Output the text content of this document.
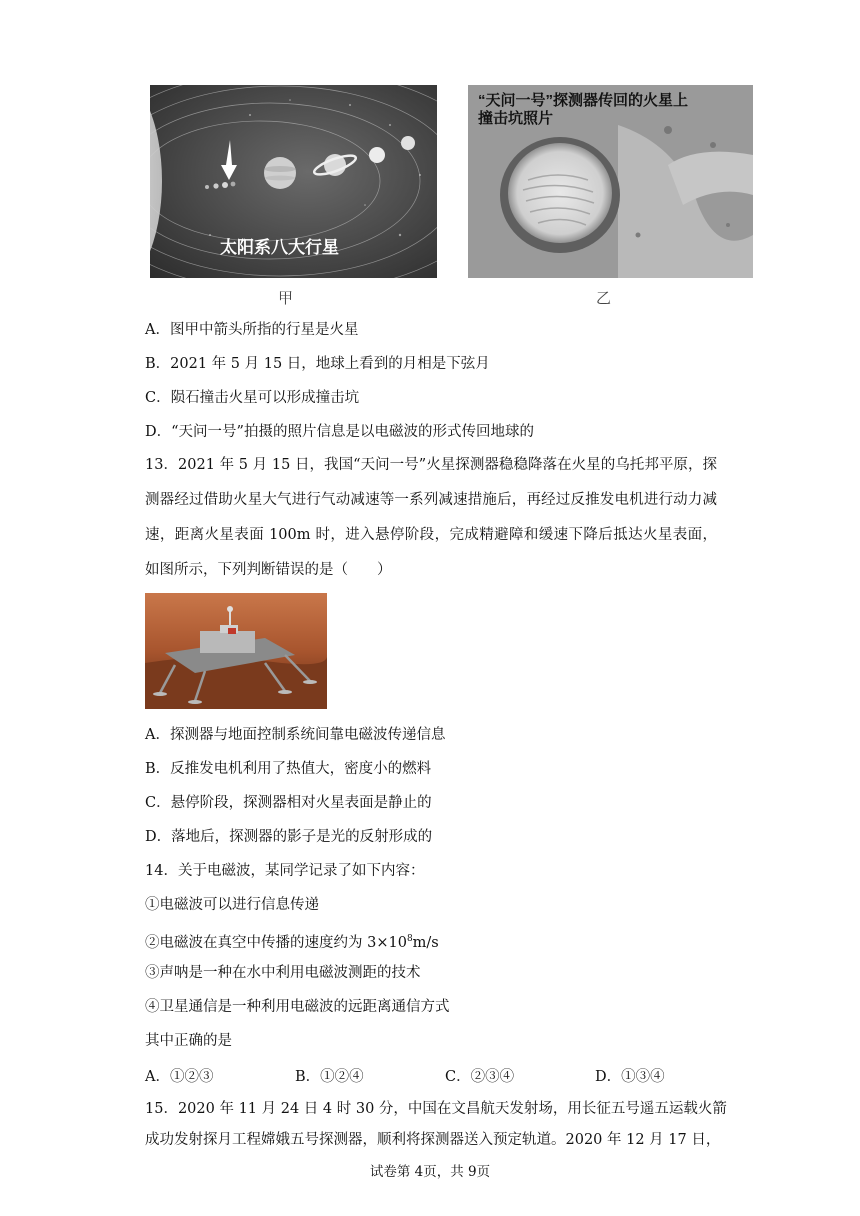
太阳系八大行星
甲
“天问一号”探测器传回的火星上
撞击坑照片
乙
A．图甲中箭头所指的行星是火星
B．2021 年 5 月 15 日，地球上看到的月相是下弦月
C．陨石撞击火星可以形成撞击坑
D．“天问一号”拍摄的照片信息是以电磁波的形式传回地球的
13．2021 年 5 月 15 日，我国“天问一号”火星探测器稳稳降落在火星的乌托邦平原，探测器经过借助火星大气进行气动减速等一系列减速措施后，再经过反推发电机进行动力减速，距离火星表面 100m 时，进入悬停阶段，完成精避障和缓速下降后抵达火星表面，如图所示，下列判断错误的是（　　）
A．探测器与地面控制系统间靠电磁波传递信息
B．反推发电机利用了热值大，密度小的燃料
C．悬停阶段，探测器相对火星表面是静止的
D．落地后，探测器的影子是光的反射形成的
14．关于电磁波，某同学记录了如下内容：
①电磁波可以进行信息传递
②电磁波在真空中传播的速度约为 $3\times 10^8m/s$
③声呐是一种在水中利用电磁波测距的技术
④卫星通信是一种利用电磁波的远距离通信方式
其中正确的是
A．①②③	B．①②④	C．②③④	D．①③④
15．2020 年 11 月 24 日 4 时 30 分，中国在文昌航天发射场，用长征五号遥五运载火箭
成功发射探月工程嫦娥五号探测器，顺利将探测器送入预定轨道。2020 年 12 月 17 日，
试卷第 4页，共 9页
